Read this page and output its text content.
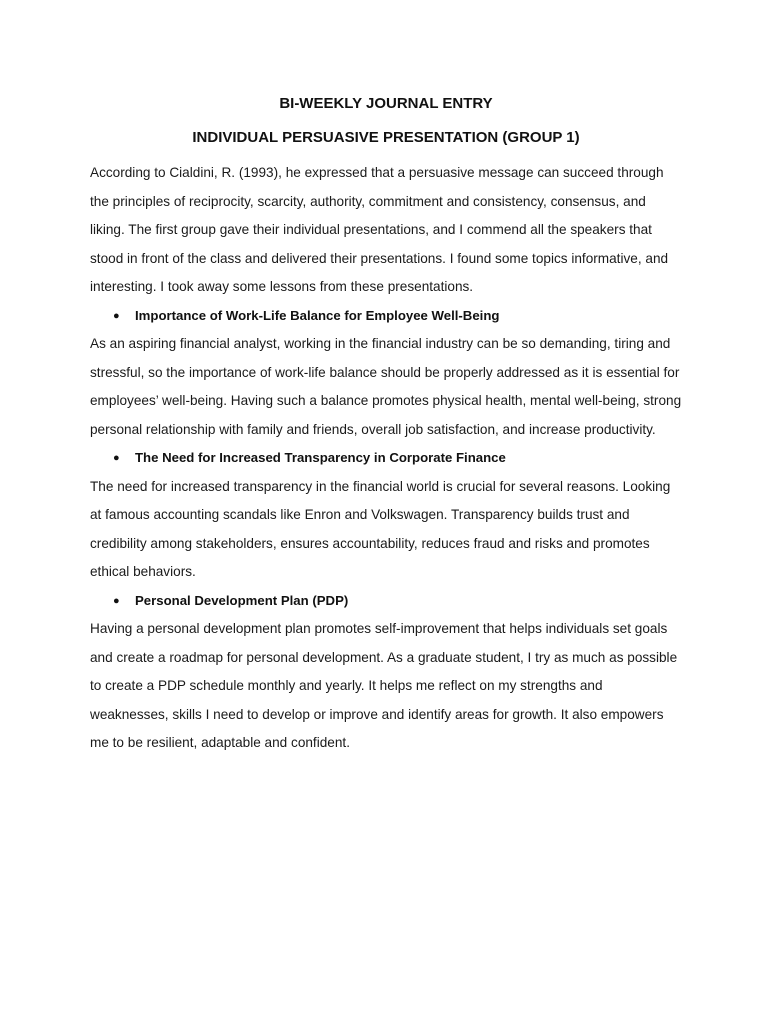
BI-WEEKLY JOURNAL ENTRY
INDIVIDUAL PERSUASIVE PRESENTATION (GROUP 1)

According to Cialdini, R. (1993), he expressed that a persuasive message can succeed through the principles of reciprocity, scarcity, authority, commitment and consistency, consensus, and liking. The first group gave their individual presentations, and I commend all the speakers that stood in front of the class and delivered their presentations. I found some topics informative, and interesting. I took away some lessons from these presentations.

● Importance of Work-Life Balance for Employee Well-Being

As an aspiring financial analyst, working in the financial industry can be so demanding, tiring and stressful, so the importance of work-life balance should be properly addressed as it is essential for employees’ well-being. Having such a balance promotes physical health, mental well-being, strong personal relationship with family and friends, overall job satisfaction, and increase productivity.

● The Need for Increased Transparency in Corporate Finance

The need for increased transparency in the financial world is crucial for several reasons. Looking at famous accounting scandals like Enron and Volkswagen. Transparency builds trust and credibility among stakeholders, ensures accountability, reduces fraud and risks and promotes ethical behaviors.

● Personal Development Plan (PDP)

Having a personal development plan promotes self-improvement that helps individuals set goals and create a roadmap for personal development. As a graduate student, I try as much as possible to create a PDP schedule monthly and yearly. It helps me reflect on my strengths and weaknesses, skills I need to develop or improve and identify areas for growth. It also empowers me to be resilient, adaptable and confident.
